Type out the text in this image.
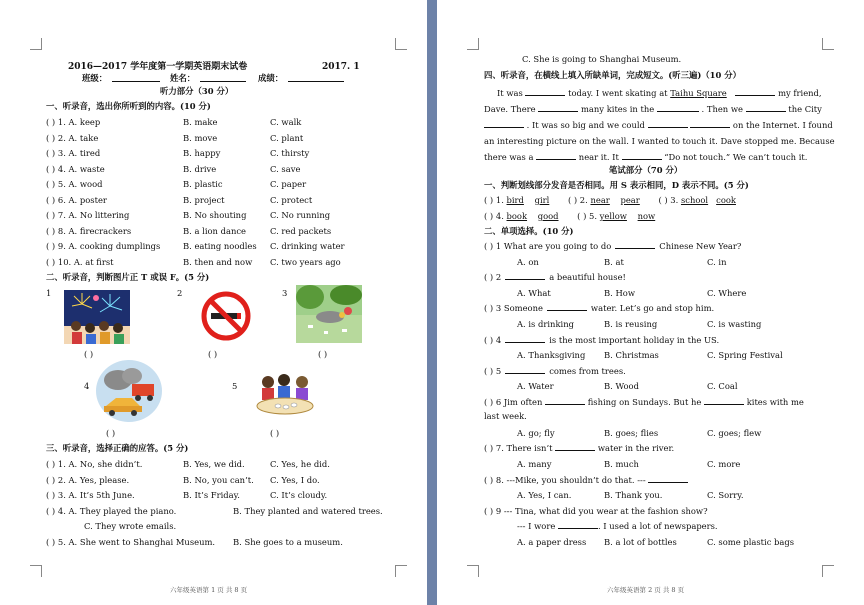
2016—2017 学年度第一学期英语期末试卷	2017. 1
班级：	姓名：	成绩：
听力部分（30 分）
一、听录音，选出你所听到的内容。(10 分)
( ) 1. A. keep	B. make	C. walk
( ) 2. A. take	B. move	C. plant
( ) 3. A. tired	B. happy	C. thirsty
( ) 4. A. waste	B. drive	C. save
( ) 5. A. wood	B. plastic	C. paper
( ) 6. A. poster	B. project	C. protect
( ) 7. A. No littering	B. No shouting	C. No running
( ) 8. A. firecrackers	B. a lion dance	C. red packets
( ) 9. A. cooking dumplings	B. eating noodles C. drinking water
( ) 10. A. at first	B. then and now C. two years ago
二、听录音，判断图片正 T 或误 F。(5 分)
1	2	3
4	5
( )	( )	( )
( )	( )
三、听录音，选择正确的应答。(5 分)
( ) 1. A. No, she didn’t.	B. Yes, we did.	C. Yes, he did.
( ) 2. A. Yes, please.	B. No, you can’t. C. Yes, I do.
( ) 3. A. It’s 5th June.	B. It’s Friday.	C. It’s cloudy.
( ) 4. A. They played the piano.	B. They planted and watered trees.
C. They wrote emails.
( ) 5. A. She went to Shanghai Museum. B. She goes to a museum.
六年级英语第 1 页 共 8 页
C. She is going to Shanghai Museum.
四、听录音，在横线上填入所缺单词，完成短文。(听三遍)（10 分）
It was	today. I went skating at Taihu Square	my friend,
Dave. There	many kites in the	. Then we	the City
. It was so big and we could	on the Internet. I found
an interesting picture on the wall. I wanted to touch it. Dave stopped me. Because
there was a	near it. It	“Do not touch.” We can’t touch it.
笔试部分（70 分）
一、判断划线部分发音是否相同。用 S 表示相同，D 表示不同。(5 分)
( ) 1. bird girl ( ) 2. near pear ( ) 3. school cook
( ) 4. book good ( ) 5. yellow now
二、单项选择。(10 分)
( ) 1 What are you going to do	Chinese New Year?
A. on	B. at	C. in
( ) 2	a beautiful house!
A. What	B. How	C. Where
( ) 3 Someone	water. Let’s go and stop him.
A. is drinking	B. is reusing	C. is wasting
( ) 4	is the most important holiday in the US.
A. Thanksgiving B. Christmas	C. Spring Festival
( ) 5	comes from trees.
A. Water	B. Wood	C. Coal
( ) 6 Jim often	fishing on Sundays. But he	kites with me
last week.
A. go; fly	B. goes; flies	C. goes; flew
( ) 7. There isn’t	water in the river.
A. many	B. much	C. more
( ) 8. ---Mike, you shouldn’t do that. ---
A. Yes, I can.	B. Thank you.	C. Sorry.
( ) 9 --- Tina, what did you wear at the fashion show?
--- I wore	. I used a lot of newspapers.
A. a paper dress B. a lot of bottles	C. some plastic bags
六年级英语第 2 页 共 8 页
